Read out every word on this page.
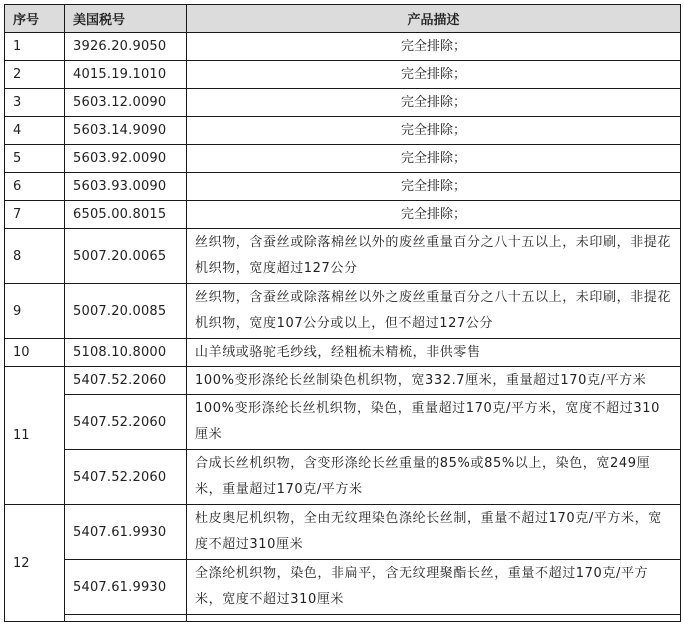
序号	美国税号	产品描述
1	3926.20.9050	完全排除；
2	4015.19.1010	完全排除；
3	5603.12.0090	完全排除；
4	5603.14.9090	完全排除；
5	5603.92.0090	完全排除；
6	5603.93.0090	完全排除；
7	6505.00.8015	完全排除；
8	5007.20.0065	丝织物，含蚕丝或除落棉丝以外的废丝重量百分之八十五以上，未印刷，非提花机织物，宽度超过127公分
9	5007.20.0085	丝织物，含蚕丝或除落棉丝以外之废丝重量百分之八十五以上，未印刷，非提花机织物，宽度107公分或以上，但不超过127公分
10	5108.10.8000	山羊绒或骆驼毛纱线，经粗梳未精梳，非供零售
11	5407.52.2060	100%变形涤纶长丝制染色机织物，宽332.7厘米，重量超过170克/平方米
	5407.52.2060	100%变形涤纶长丝机织物，染色，重量超过170克/平方米，宽度不超过310厘米
	5407.52.2060	合成长丝机织物，含变形涤纶长丝重量的85%或85%以上，染色，宽249厘米，重量超过170克/平方米
12	5407.61.9930	杜皮奥尼机织物，全由无纹理染色涤纶长丝制，重量不超过170克/平方米，宽度不超过310厘米
	5407.61.9930	全涤纶机织物，染色，非扁平，含无纹理聚酯长丝，重量不超过170克/平方米，宽度不超过310厘米
